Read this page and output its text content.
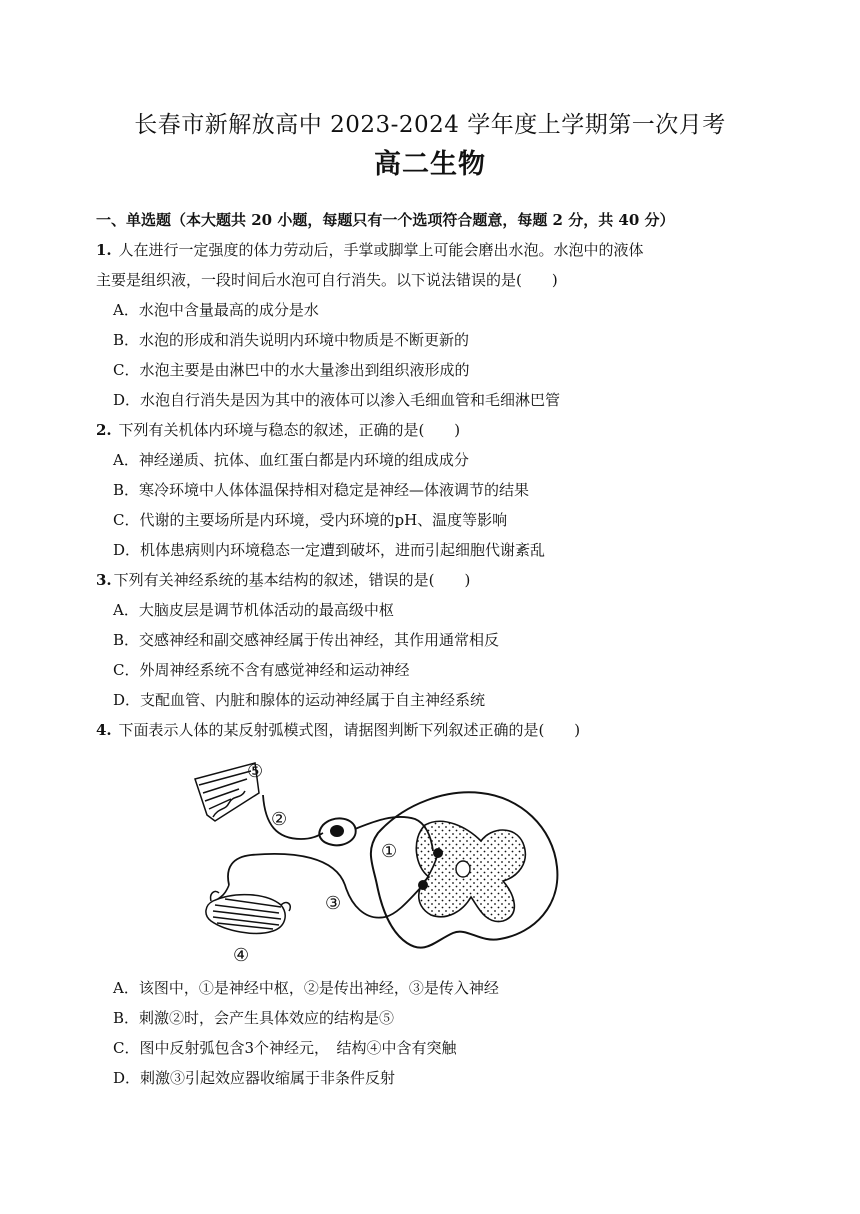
长春市新解放高中 2023-2024 学年度上学期第一次月考
高二生物
一、单选题（本大题共 20 小题，每题只有一个选项符合题意，每题 2 分，共 40 分）
1. 人在进行一定强度的体力劳动后，手掌或脚掌上可能会磨出水泡。水泡中的液体
主要是组织液，一段时间后水泡可自行消失。以下说法错误的是(　　)
A．水泡中含量最高的成分是水
B．水泡的形成和消失说明内环境中物质是不断更新的
C．水泡主要是由淋巴中的水大量渗出到组织液形成的
D．水泡自行消失是因为其中的液体可以渗入毛细血管和毛细淋巴管
2. 下列有关机体内环境与稳态的叙述，正确的是(　　)
A．神经递质、抗体、血红蛋白都是内环境的组成成分
B．寒冷环境中人体体温保持相对稳定是神经—体液调节的结果
C．代谢的主要场所是内环境，受内环境的pH、温度等影响
D．机体患病则内环境稳态一定遭到破坏，进而引起细胞代谢紊乱
3. 下列有关神经系统的基本结构的叙述，错误的是(　　)
A．大脑皮层是调节机体活动的最高级中枢
B．交感神经和副交感神经属于传出神经，其作用通常相反
C．外周神经系统不含有感觉神经和运动神经
D．支配血管、内脏和腺体的运动神经属于自主神经系统
4. 下面表示人体的某反射弧模式图，请据图判断下列叙述正确的是(　　)
⑤
②
①
③
④
A．该图中，①是神经中枢，②是传出神经，③是传入神经
B．刺激②时，会产生具体效应的结构是⑤
C．图中反射弧包含3个神经元，　结构④中含有突触
D．刺激③引起效应器收缩属于非条件反射
